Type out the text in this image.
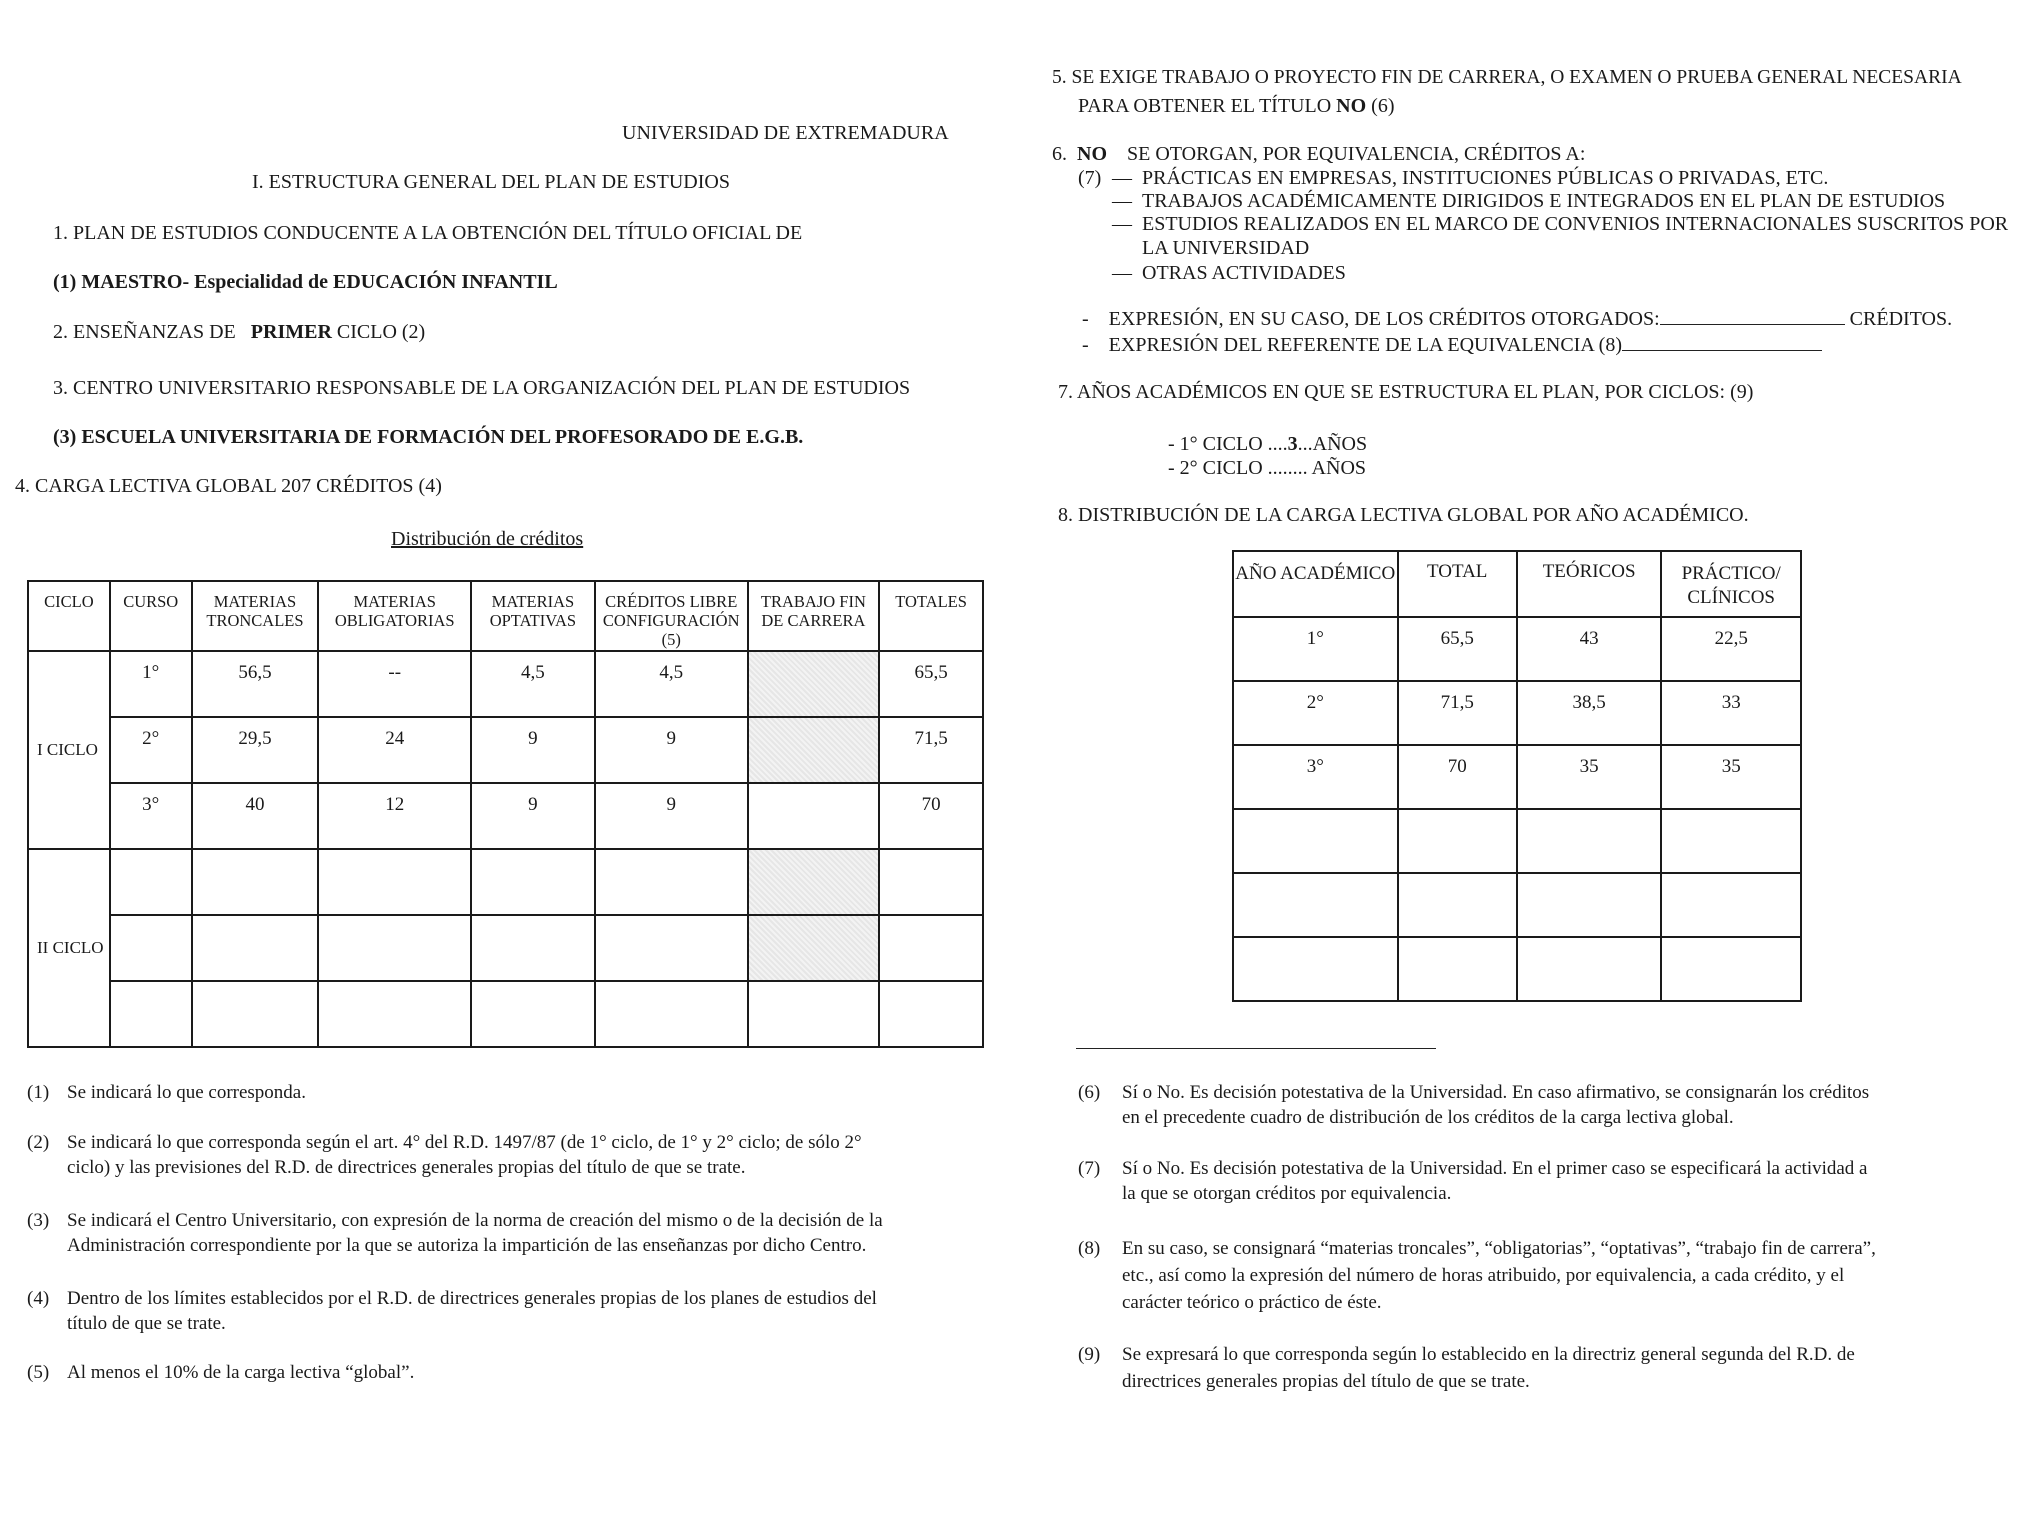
UNIVERSIDAD DE EXTREMADURA
I. ESTRUCTURA GENERAL DEL PLAN DE ESTUDIOS
1. PLAN DE ESTUDIOS CONDUCENTE A LA OBTENCIÓN DEL TÍTULO OFICIAL DE
(1) MAESTRO- Especialidad de EDUCACIÓN INFANTIL
2. ENSEÑANZAS DE PRIMER CICLO (2)
3. CENTRO UNIVERSITARIO RESPONSABLE DE LA ORGANIZACIÓN DEL PLAN DE ESTUDIOS
(3) ESCUELA UNIVERSITARIA DE FORMACIÓN DEL PROFESORADO DE E.G.B.
4. CARGA LECTIVA GLOBAL 207 CRÉDITOS (4)
Distribución de créditos
CICLO	CURSO	MATERIAS TRONCALES	MATERIAS OBLIGATORIAS	MATERIAS OPTATIVAS	CRÉDITOS LIBRE CONFIGURACIÓN (5)	TRABAJO FIN DE CARRERA	TOTALES
I CICLO	1°	56,5	--	4,5	4,5		65,5
	2°	29,5	24	9	9		71,5
	3°	40	12	9	9		70
II CICLO							

(1) Se indicará lo que corresponda.
(2) Se indicará lo que corresponda según el art. 4° del R.D. 1497/87 (de 1° ciclo, de 1° y 2° ciclo; de sólo 2°
ciclo) y las previsiones del R.D. de directrices generales propias del título de que se trate.
(3) Se indicará el Centro Universitario, con expresión de la norma de creación del mismo o de la decisión de la
Administración correspondiente por la que se autoriza la impartición de las enseñanzas por dicho Centro.
(4) Dentro de los límites establecidos por el R.D. de directrices generales propias de los planes de estudios del
título de que se trate.
(5) Al menos el 10% de la carga lectiva “global”.
5. SE EXIGE TRABAJO O PROYECTO FIN DE CARRERA, O EXAMEN O PRUEBA GENERAL NECESARIA
PARA OBTENER EL TÍTULO NO (6)
6. NO SE OTORGAN, POR EQUIVALENCIA, CRÉDITOS A:
(7) — PRÁCTICAS EN EMPRESAS, INSTITUCIONES PÚBLICAS O PRIVADAS, ETC.
— TRABAJOS ACADÉMICAMENTE DIRIGIDOS E INTEGRADOS EN EL PLAN DE ESTUDIOS
— ESTUDIOS REALIZADOS EN EL MARCO DE CONVENIOS INTERNACIONALES SUSCRITOS POR
LA UNIVERSIDAD
— OTRAS ACTIVIDADES
-    EXPRESIÓN, EN SU CASO, DE LOS CRÉDITOS OTORGADOS:	CRÉDITOS.
-    EXPRESIÓN DEL REFERENTE DE LA EQUIVALENCIA (8)
7. AÑOS ACADÉMICOS EN QUE SE ESTRUCTURA EL PLAN, POR CICLOS: (9)
- 1° CICLO ....3...AÑOS
- 2° CICLO ........ AÑOS
8. DISTRIBUCIÓN DE LA CARGA LECTIVA GLOBAL POR AÑO ACADÉMICO.
AÑO ACADÉMICO	TOTAL	TEÓRICOS	PRÁCTICO/ CLÍNICOS
1°	65,5	43	22,5
2°	71,5	38,5	33
3°	70	35	35

(6) Sí o No. Es decisión potestativa de la Universidad. En caso afirmativo, se consignarán los créditos
en el precedente cuadro de distribución de los créditos de la carga lectiva global.
(7) Sí o No. Es decisión potestativa de la Universidad. En el primer caso se especificará la actividad a
la que se otorgan créditos por equivalencia.
(8) En su caso, se consignará “materias troncales”, “obligatorias”, “optativas”, “trabajo fin de carrera”,
etc., así como la expresión del número de horas atribuido, por equivalencia, a cada crédito, y el
carácter teórico o práctico de éste.
(9) Se expresará lo que corresponda según lo establecido en la directriz general segunda del R.D. de
directrices generales propias del título de que se trate.
